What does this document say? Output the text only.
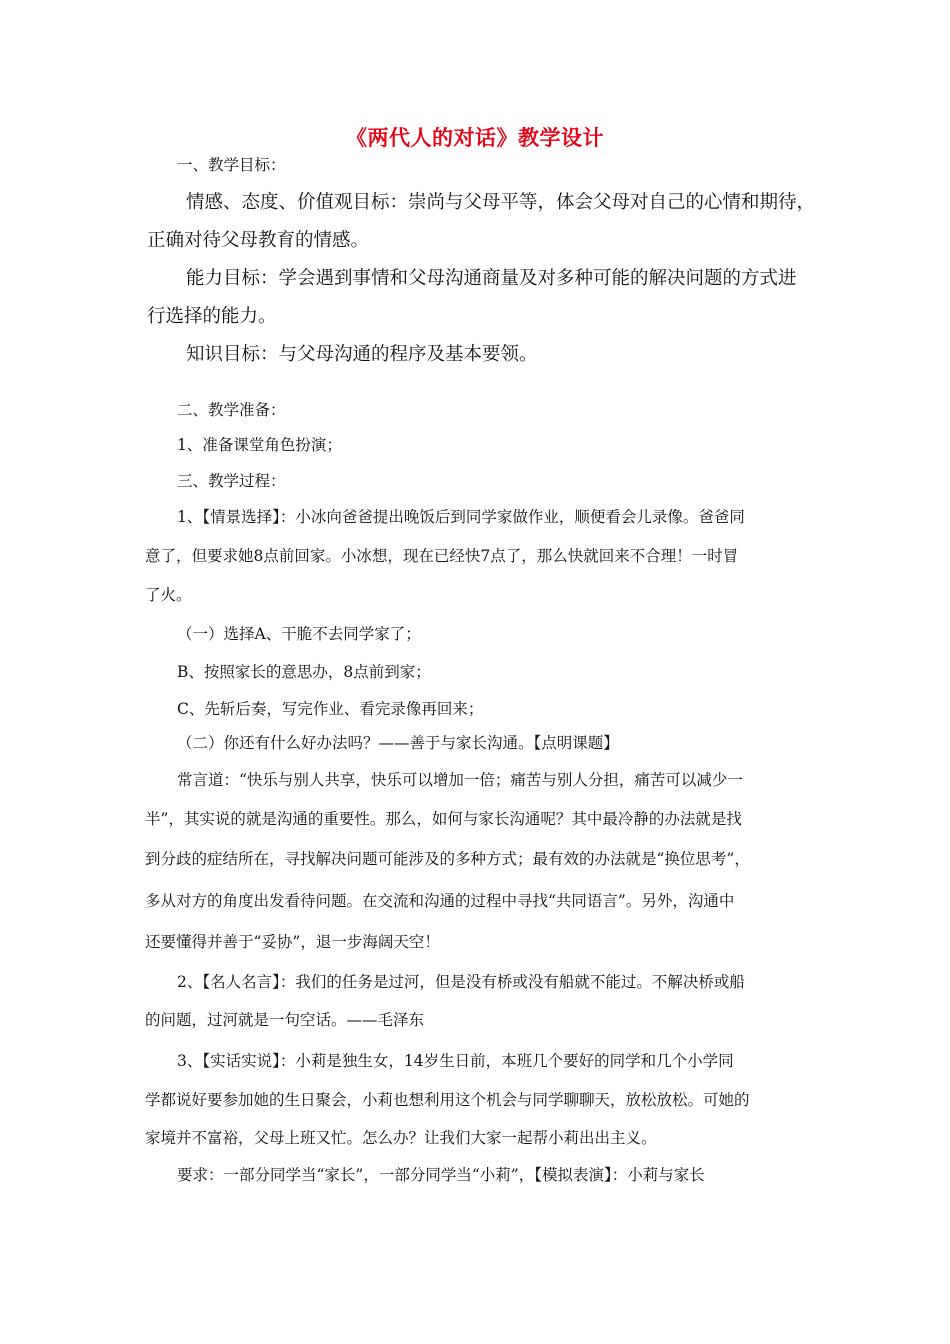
《两代人的对话》教学设计
一、教学目标：
情感、态度、价值观目标：崇尚与父母平等，体会父母对自己的心情和期待，
正确对待父母教育的情感。
能力目标：学会遇到事情和父母沟通商量及对多种可能的解决问题的方式进
行选择的能力。
知识目标：与父母沟通的程序及基本要领。
二、教学准备：
1、准备课堂角色扮演；
三、教学过程：
1、【情景选择】：小冰向爸爸提出晚饭后到同学家做作业，顺便看会儿录像。爸爸同
意了，但要求她8点前回家。小冰想，现在已经快7点了，那么快就回来不合理！一时冒
了火。
（一）选择A、干脆不去同学家了；
B、按照家长的意思办，8点前到家；
C、先斩后奏，写完作业、看完录像再回来；
（二）你还有什么好办法吗？——善于与家长沟通。【点明课题】
常言道：“快乐与别人共享，快乐可以增加一倍；痛苦与别人分担，痛苦可以减少一
半”，其实说的就是沟通的重要性。那么，如何与家长沟通呢？其中最冷静的办法就是找
到分歧的症结所在，寻找解决问题可能涉及的多种方式；最有效的办法就是“换位思考”，
多从对方的角度出发看待问题。在交流和沟通的过程中寻找“共同语言”。另外，沟通中
还要懂得并善于“妥协”，退一步海阔天空！
2、【名人名言】：我们的任务是过河，但是没有桥或没有船就不能过。不解决桥或船
的问题，过河就是一句空话。——毛泽东
3、【实话实说】：小莉是独生女，14岁生日前，本班几个要好的同学和几个小学同
学都说好要参加她的生日聚会，小莉也想利用这个机会与同学聊聊天，放松放松。可她的
家境并不富裕，父母上班又忙。怎么办？让我们大家一起帮小莉出出主义。
要求：一部分同学当“家长”，一部分同学当“小莉”，【模拟表演】：小莉与家长
